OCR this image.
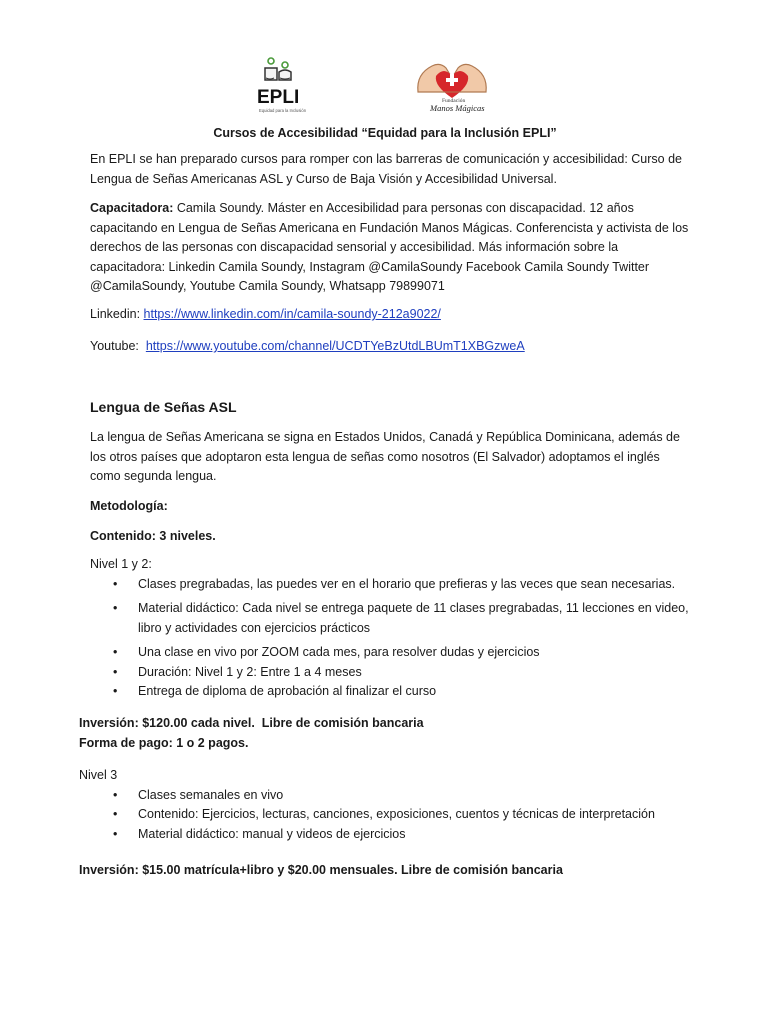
EPLI
Equidad para la Inclusión
Fundación
Manos Mágicas
Cursos de Accesibilidad “Equidad para la Inclusión EPLI”

En EPLI se han preparado cursos para romper con las barreras de comunicación y accesibilidad: Curso de Lengua de Señas Americanas ASL y Curso de Baja Visión y Accesibilidad Universal.

Capacitadora: Camila Soundy. Máster en Accesibilidad para personas con discapacidad. 12 años capacitando en Lengua de Señas Americana en Fundación Manos Mágicas. Conferencista y activista de los derechos de las personas con discapacidad sensorial y accesibilidad. Más información sobre la capacitadora: Linkedin Camila Soundy, Instagram @CamilaSoundy Facebook Camila Soundy Twitter @CamilaSoundy, Youtube Camila Soundy, Whatsapp 79899071

Linkedin: https://www.linkedin.com/in/camila-soundy-212a9022/

Youtube:  https://www.youtube.com/channel/UCDTYeBzUtdLBUmT1XBGzweA

Lengua de Señas ASL

La lengua de Señas Americana se signa en Estados Unidos, Canadá y República Dominicana, además de los otros países que adoptaron esta lengua de señas como nosotros (El Salvador) adoptamos el inglés como segunda lengua.

Metodología:

Contenido: 3 niveles.

Nivel 1 y 2:

• Clases pregrabadas, las puedes ver en el horario que prefieras y las veces que sean necesarias.
• Material didáctico: Cada nivel se entrega paquete de 11 clases pregrabadas, 11 lecciones en video, libro y actividades con ejercicios prácticos
• Una clase en vivo por ZOOM cada mes, para resolver dudas y ejercicios
• Duración: Nivel 1 y 2: Entre 1 a 4 meses
• Entrega de diploma de aprobación al finalizar el curso

Inversión: $120.00 cada nivel.  Libre de comisión bancaria

Forma de pago: 1 o 2 pagos.

Nivel 3

• Clases semanales en vivo
• Contenido: Ejercicios, lecturas, canciones, exposiciones, cuentos y técnicas de interpretación
• Material didáctico: manual y videos de ejercicios

Inversión: $15.00 matrícula+libro y $20.00 mensuales. Libre de comisión bancaria
